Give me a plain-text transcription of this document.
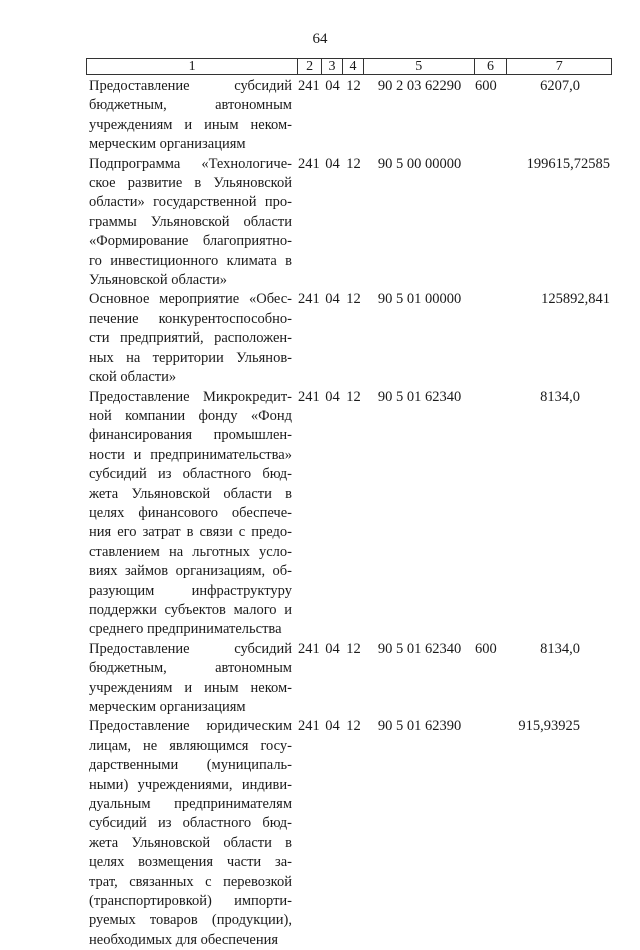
64
1	2	3 4	5	6	7
Предоставление субсидий
бюджетным, автономным
учреждениям и иным неком-
мерческим организациям
241 04 12	90 2 03 62290 600	6207,0
Подпрограмма «Технологиче-
ское развитие в Ульяновской
области» государственной про-
граммы Ульяновской области
«Формирование благоприятно-
го инвестиционного климата в
Ульяновской области»
241 04 12	90 5 00 00000	199615,72585
Основное мероприятие «Обес-
печение конкурентоспособно-
сти предприятий, расположен-
ных на территории Ульянов-
ской области»
241 04 12	90 5 01 00000	125892,841
Предоставление Микрокредит-
ной компании фонду «Фонд
финансирования промышлен-
ности и предпринимательства»
субсидий из областного бюд-
жета Ульяновской области в
целях финансового обеспече-
ния его затрат в связи с предо-
ставлением на льготных усло-
виях займов организациям, об-
разующим инфраструктуру
поддержки субъектов малого и
среднего предпринимательства
241 04 12	90 5 01 62340	8134,0
Предоставление субсидий
бюджетным, автономным
учреждениям и иным неком-
мерческим организациям
241 04 12	90 5 01 62340 600	8134,0
Предоставление юридическим
лицам, не являющимся госу-
дарственными (муниципаль-
ными) учреждениями, индиви-
дуальным предпринимателям
субсидий из областного бюд-
жета Ульяновской области в
целях возмещения части за-
трат, связанных с перевозкой
(транспортировкой) импорти-
руемых товаров (продукции),
необходимых для обеспечения
241 04 12	90 5 01 62390	915,93925
